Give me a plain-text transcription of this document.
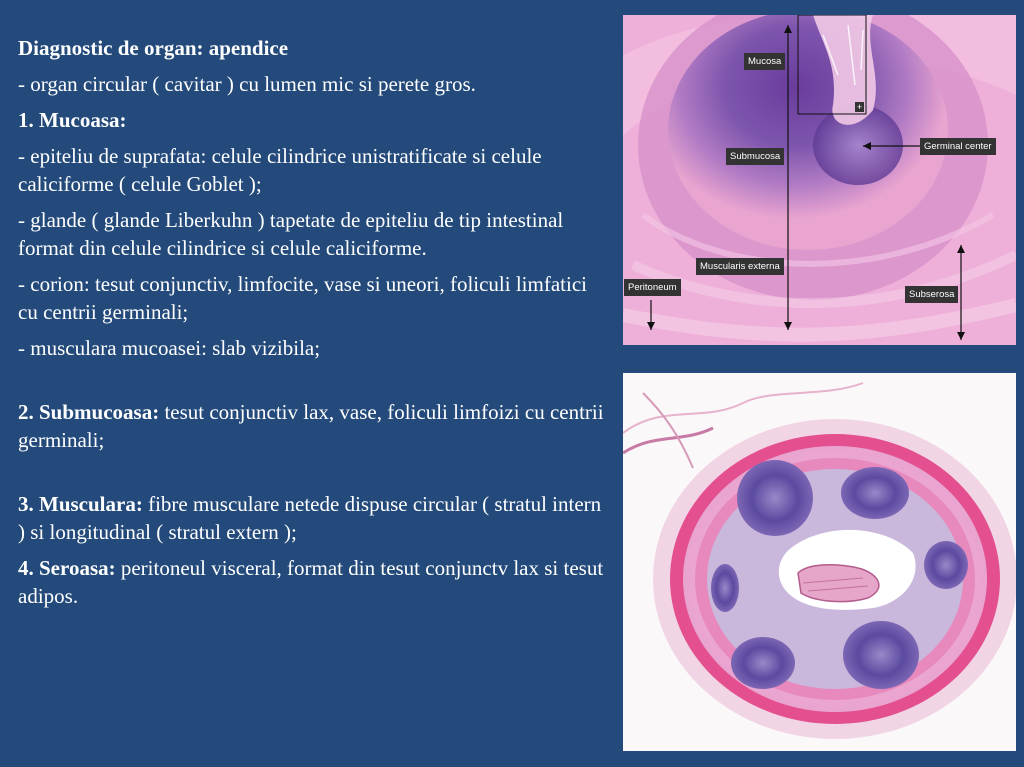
Diagnostic de organ: apendice

- organ circular ( cavitar ) cu lumen mic si perete gros.

1. Mucoasa:

- epiteliu de suprafata: celule cilindrice unistratificate si celule caliciforme ( celule Goblet );

- glande ( glande Liberkuhn ) tapetate de epiteliu de tip intestinal format din celule cilindrice si celule caliciforme.

- corion: tesut conjunctiv, limfocite, vase si uneori, foliculi limfatici cu centrii germinali;

- musculara mucoasei: slab vizibila;

2. Submucoasa: tesut conjunctiv lax, vase, foliculi limfoizi cu centrii germinali;

3. Musculara: fibre musculare netede dispuse circular ( stratul intern ) si longitudinal ( stratul extern );

4. Seroasa: peritoneul visceral, format din tesut conjunctv lax si tesut adipos.

Mucosa
Submucosa
Muscularis externa
Germinal center
Peritoneum
Subserosa
+
